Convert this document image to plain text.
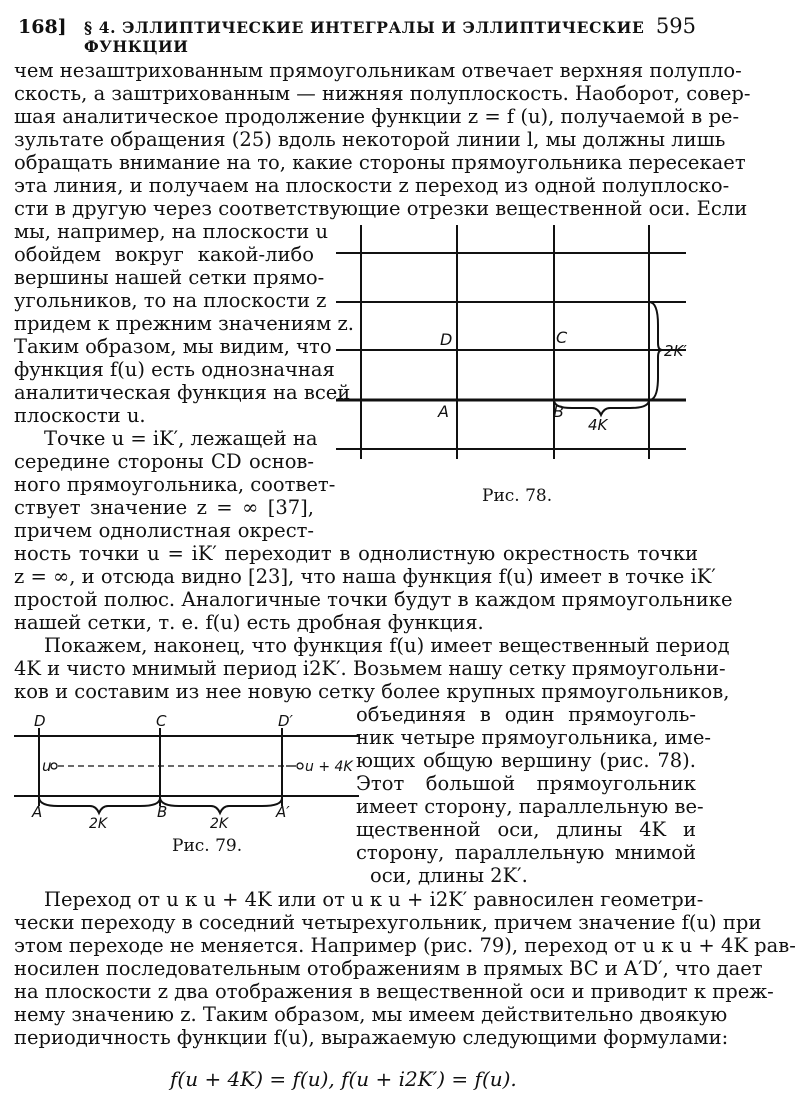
168] § 4. ЭЛЛИПТИЧЕСКИЕ ИНТЕГРАЛЫ И ЭЛЛИПТИЧЕСКИЕ ФУНКЦИИ
595
чем незаштрихованным прямоугольникам отвечает верхняя полупло-
скость, а заштрихованным — нижняя полуплоскость. Наоборот, совер-
шая аналитическое продолжение функции z = f (u), получаемой в ре-
зультате обращения (25) вдоль некоторой линии l, мы должны лишь
обращать внимание на то, какие стороны прямоугольника пересекает
эта линия, и получаем на плоскости z переход из одной полуплоско-
сти в другую через соответствующие отрезки вещественной оси. Если
мы, например, на плоскости u
обойдем вокруг какой-либо
вершины нашей сетки прямо-
угольников, то на плоскости z
придем к прежним значениям z.
Таким образом, мы видим, что
функция f(u) есть однозначная
аналитическая функция на всей
плоскости u.
Точке u = iK′, лежащей на
середине стороны CD основ-
ного прямоугольника, соответ-
ствует значение z = ∞ [37],
причем однолистная окрест-
ность точки u = iK′ переходит в однолистную окрестность точки
z = ∞, и отсюда видно [23], что наша функция f(u) имеет в точке iK′
простой полюс. Аналогичные точки будут в каждом прямоугольнике
нашей сетки, т. е. f(u) есть дробная функция.
Покажем, наконец, что функция f(u) имеет вещественный период
4K и чисто мнимый период i2K′. Возьмем нашу сетку прямоугольни-
ков и составим из нее новую сетку более крупных прямоугольников,
объединяя в один прямоуголь-
ник четыре прямоугольника, име-
ющих общую вершину (рис. 78).
Этот большой прямоугольник
имеет сторону, параллельную ве-
щественной оси, длины 4K и
сторону, параллельную мнимой
оси, длины 2K′.
Переход от u к u + 4K или от u к u + i2K′ равносилен геометри-
чески переходу в соседний четырехугольник, причем значение f(u) при
этом переходе не меняется. Например (рис. 79), переход от u к u + 4K рав-
носилен последовательным отображениям в прямых BC и A′D′, что дает
на плоскости z два отображения в вещественной оси и приводит к преж-
нему значению z. Таким образом, мы имеем действительно двоякую
периодичность функции f(u), выражаемую следующими формулами:
f(u + 4K) = f(u), f(u + i2K′) = f(u).
D	C
A	B
2K′
4K
Рис. 78.
D	C	D′
A	B	A′
u	u + 4K
2K	2K
Рис. 79.
